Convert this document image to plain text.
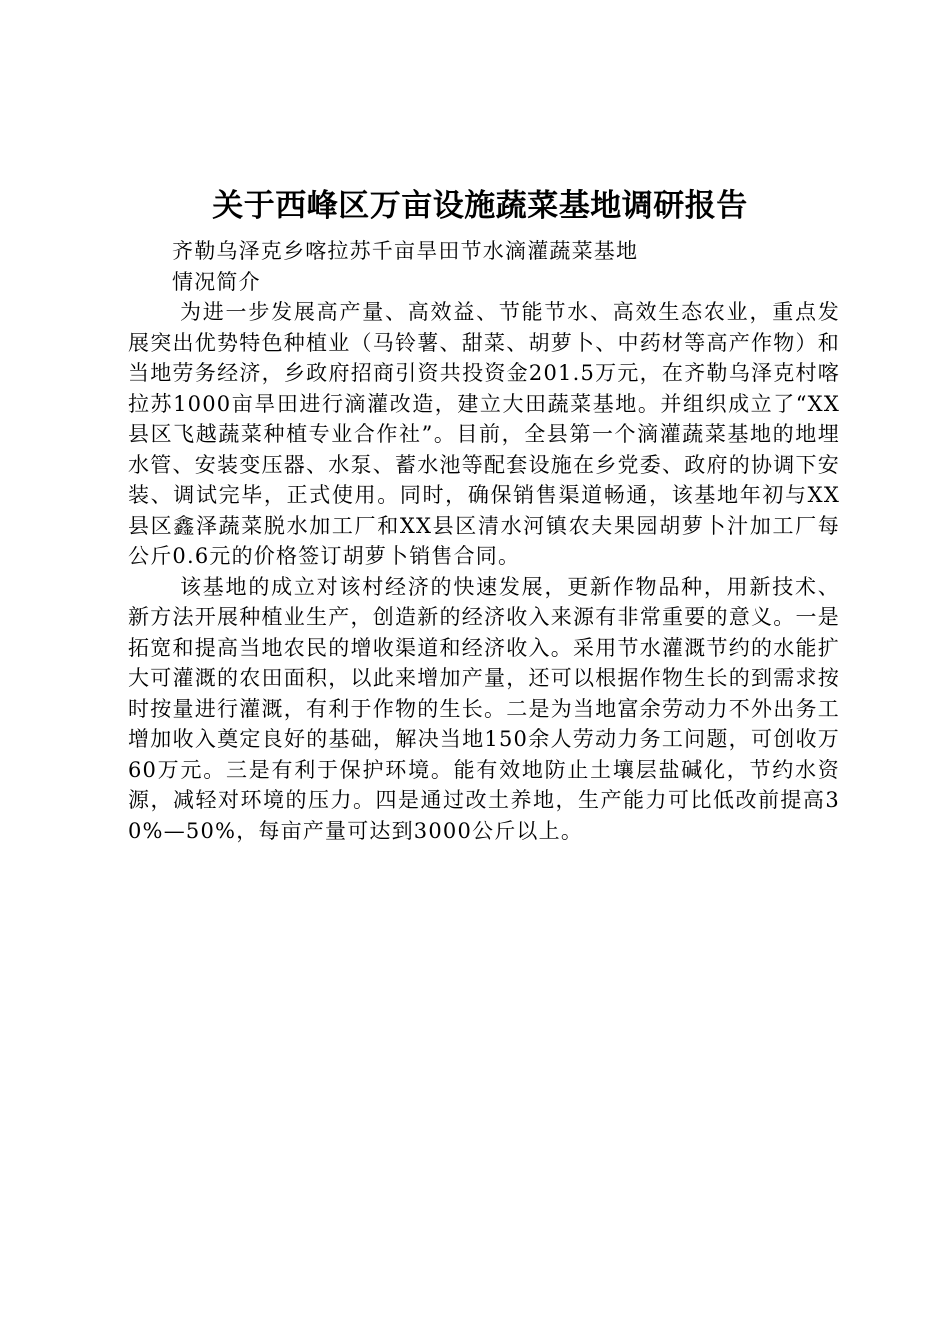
关于西峰区万亩设施蔬菜基地调研报告

齐勒乌泽克乡喀拉苏千亩旱田节水滴灌蔬菜基地

情况简介

为进一步发展高产量、高效益、节能节水、高效生态农业，重点发展突出优势特色种植业（马铃薯、甜菜、胡萝卜、中药材等高产作物）和当地劳务经济，乡政府招商引资共投资金201.5万元，在齐勒乌泽克村喀拉苏1000亩旱田进行滴灌改造，建立大田蔬菜基地。并组织成立了“XX县区飞越蔬菜种植专业合作社”。目前，全县第一个滴灌蔬菜基地的地埋水管、安装变压器、水泵、蓄水池等配套设施在乡党委、政府的协调下安装、调试完毕，正式使用。同时，确保销售渠道畅通，该基地年初与XX县区鑫泽蔬菜脱水加工厂和XX县区清水河镇农夫果园胡萝卜汁加工厂每公斤0.6元的价格签订胡萝卜销售合同。

该基地的成立对该村经济的快速发展，更新作物品种，用新技术、新方法开展种植业生产，创造新的经济收入来源有非常重要的意义。一是拓宽和提高当地农民的增收渠道和经济收入。采用节水灌溉节约的水能扩大可灌溉的农田面积，以此来增加产量，还可以根据作物生长的到需求按时按量进行灌溉，有利于作物的生长。二是为当地富余劳动力不外出务工增加收入奠定良好的基础，解决当地150余人劳动力务工问题，可创收万60万元。三是有利于保护环境。能有效地防止土壤层盐碱化，节约水资源，减轻对环境的压力。四是通过改土养地，生产能力可比低改前提高30%—50%，每亩产量可达到3000公斤以上。
